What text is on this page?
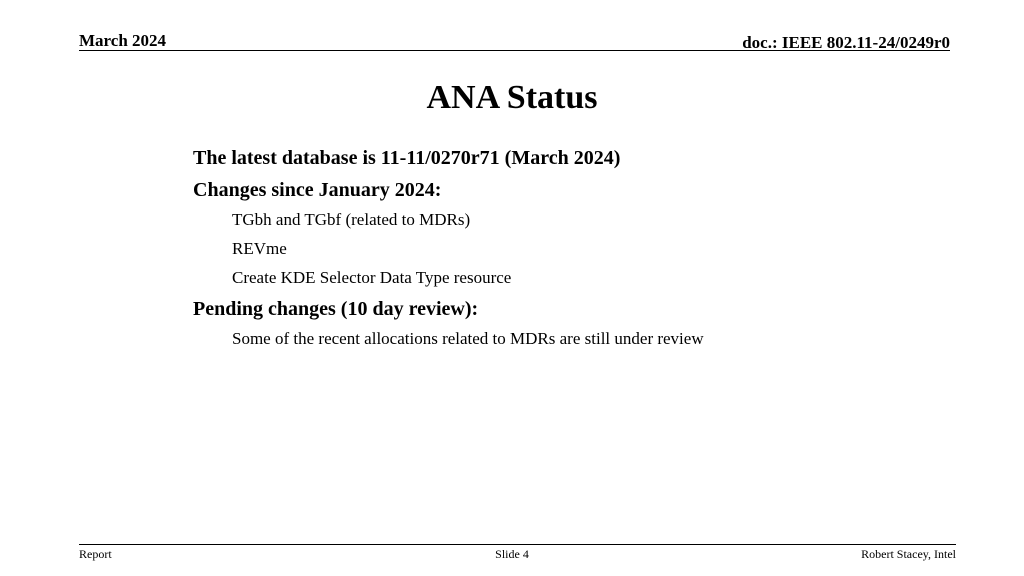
March 2024	doc.: IEEE 802.11-24/0249r0
ANA Status
The latest database is 11-11/0270r71 (March 2024)
Changes since January 2024:
TGbh and TGbf (related to MDRs)
REVme
Create KDE Selector Data Type resource
Pending changes (10 day review):
Some of the recent allocations related to MDRs are still under review
Report	Slide 4	Robert Stacey, Intel
